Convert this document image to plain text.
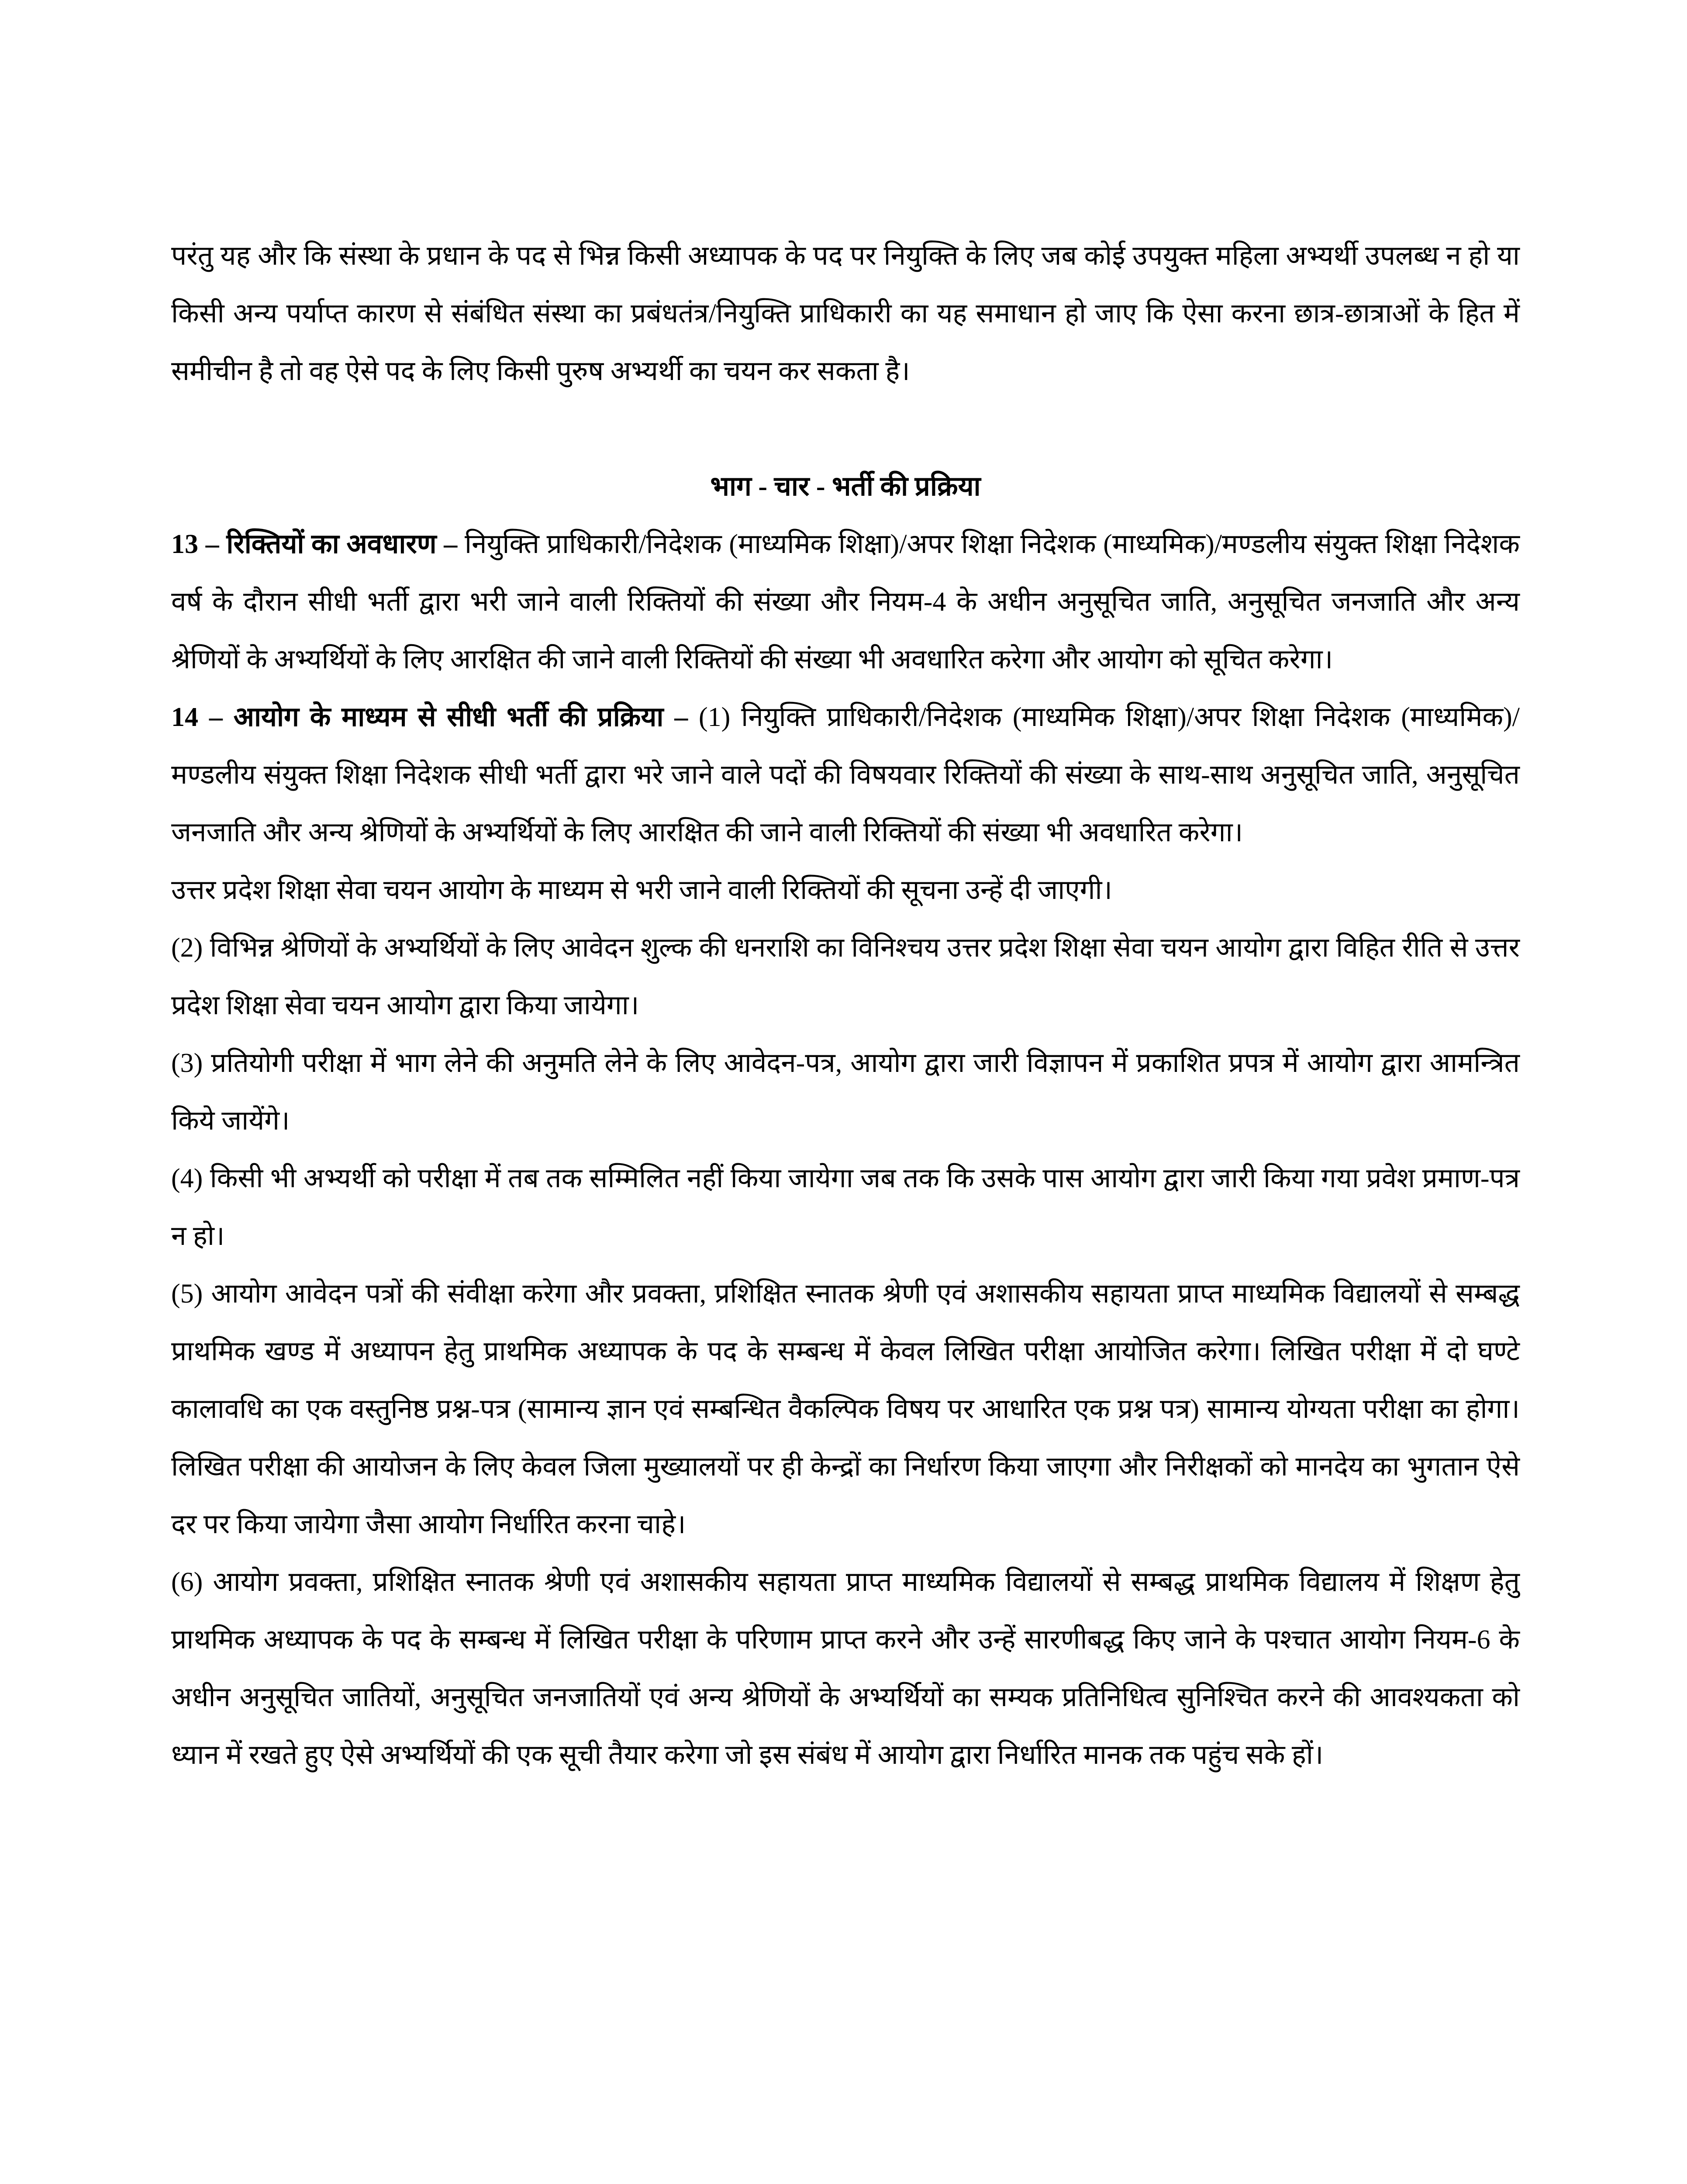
परंतु यह और कि संस्था के प्रधान के पद से भिन्न किसी अध्यापक के पद पर नियुक्ति के लिए जब कोई उपयुक्त महिला अभ्यर्थी उपलब्ध न हो या किसी अन्य पर्याप्त कारण से संबंधित संस्था का प्रबंधतंत्र/नियुक्ति प्राधिकारी का यह समाधान हो जाए कि ऐसा करना छात्र-छात्राओं के हित में समीचीन है तो वह ऐसे पद के लिए किसी पुरुष अभ्यर्थी का चयन कर सकता है।

भाग - चार - भर्ती की प्रक्रिया

13 – रिक्तियों का अवधारण – नियुक्ति प्राधिकारी/निदेशक (माध्यमिक शिक्षा)/अपर शिक्षा निदेशक (माध्यमिक)/मण्डलीय संयुक्त शिक्षा निदेशक वर्ष के दौरान सीधी भर्ती द्वारा भरी जाने वाली रिक्तियों की संख्या और नियम-4 के अधीन अनुसूचित जाति, अनुसूचित जनजाति और अन्य श्रेणियों के अभ्यर्थियों के लिए आरक्षित की जाने वाली रिक्तियों की संख्या भी अवधारित करेगा और आयोग को सूचित करेगा।

14 – आयोग के माध्यम से सीधी भर्ती की प्रक्रिया – (1) नियुक्ति प्राधिकारी/निदेशक (माध्यमिक शिक्षा)/अपर शिक्षा निदेशक (माध्यमिक)/मण्डलीय संयुक्त शिक्षा निदेशक सीधी भर्ती द्वारा भरे जाने वाले पदों की विषयवार रिक्तियों की संख्या के साथ-साथ अनुसूचित जाति, अनुसूचित जनजाति और अन्य श्रेणियों के अभ्यर्थियों के लिए आरक्षित की जाने वाली रिक्तियों की संख्या भी अवधारित करेगा।

उत्तर प्रदेश शिक्षा सेवा चयन आयोग के माध्यम से भरी जाने वाली रिक्तियों की सूचना उन्हें दी जाएगी।

(2) विभिन्न श्रेणियों के अभ्यर्थियों के लिए आवेदन शुल्क की धनराशि का विनिश्चय उत्तर प्रदेश शिक्षा सेवा चयन आयोग द्वारा विहित रीति से उत्तर प्रदेश शिक्षा सेवा चयन आयोग द्वारा किया जायेगा।

(3) प्रतियोगी परीक्षा में भाग लेने की अनुमति लेने के लिए आवेदन-पत्र, आयोग द्वारा जारी विज्ञापन में प्रकाशित प्रपत्र में आयोग द्वारा आमन्त्रित किये जायेंगे।

(4) किसी भी अभ्यर्थी को परीक्षा में तब तक सम्मिलित नहीं किया जायेगा जब तक कि उसके पास आयोग द्वारा जारी किया गया प्रवेश प्रमाण-पत्र न हो।

(5) आयोग आवेदन पत्रों की संवीक्षा करेगा और प्रवक्ता, प्रशिक्षित स्नातक श्रेणी एवं अशासकीय सहायता प्राप्त माध्यमिक विद्यालयों से सम्बद्ध प्राथमिक खण्ड में अध्यापन हेतु प्राथमिक अध्यापक के पद के सम्बन्ध में केवल लिखित परीक्षा आयोजित करेगा। लिखित परीक्षा में दो घण्टे कालावधि का एक वस्तुनिष्ठ प्रश्न-पत्र (सामान्य ज्ञान एवं सम्बन्धित वैकल्पिक विषय पर आधारित एक प्रश्न पत्र) सामान्य योग्यता परीक्षा का होगा। लिखित परीक्षा की आयोजन के लिए केवल जिला मुख्यालयों पर ही केन्द्रों का निर्धारण किया जाएगा और निरीक्षकों को मानदेय का भुगतान ऐसे दर पर किया जायेगा जैसा आयोग निर्धारित करना चाहे।

(6) आयोग प्रवक्ता, प्रशिक्षित स्नातक श्रेणी एवं अशासकीय सहायता प्राप्त माध्यमिक विद्यालयों से सम्बद्ध प्राथमिक विद्यालय में शिक्षण हेतु प्राथमिक अध्यापक के पद के सम्बन्ध में लिखित परीक्षा के परिणाम प्राप्त करने और उन्हें सारणीबद्ध किए जाने के पश्चात आयोग नियम-6 के अधीन अनुसूचित जातियों, अनुसूचित जनजातियों एवं अन्य श्रेणियों के अभ्यर्थियों का सम्यक प्रतिनिधित्व सुनिश्चित करने की आवश्यकता को ध्यान में रखते हुए ऐसे अभ्यर्थियों की एक सूची तैयार करेगा जो इस संबंध में आयोग द्वारा निर्धारित मानक तक पहुंच सके हों।
